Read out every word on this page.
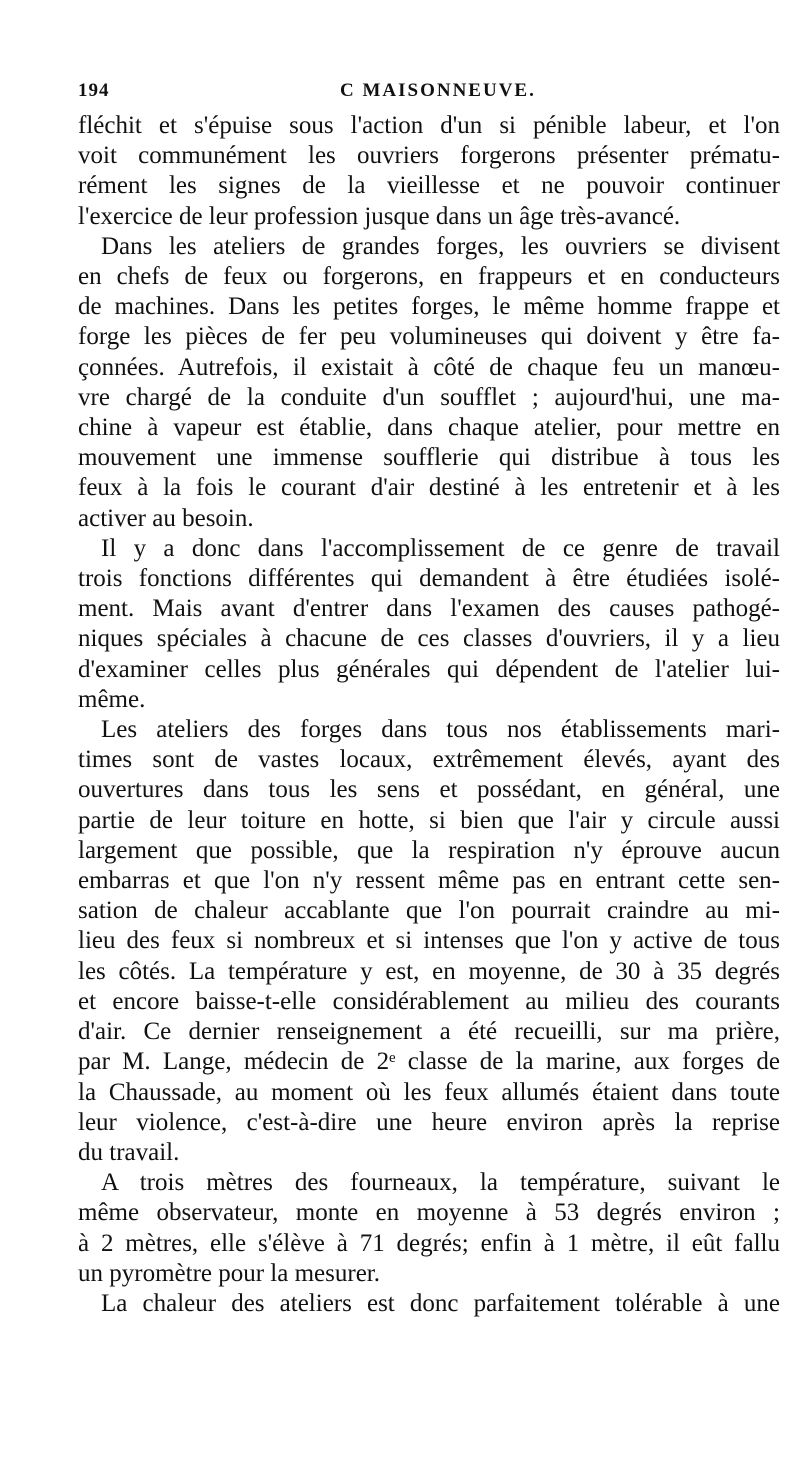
194	C MAISONNEUVE.
fléchit et s'épuise sous l'action d'un si pénible labeur, et l'on
voit communément les ouvriers forgerons présenter prématu-
rément les signes de la vieillesse et ne pouvoir continuer
l'exercice de leur profession jusque dans un âge très-avancé.
Dans les ateliers de grandes forges, les ouvriers se divisent
en chefs de feux ou forgerons, en frappeurs et en conducteurs
de machines. Dans les petites forges, le même homme frappe et
forge les pièces de fer peu volumineuses qui doivent y être fa-
çonnées. Autrefois, il existait à côté de chaque feu un manœu-
vre chargé de la conduite d'un soufflet ; aujourd'hui, une ma-
chine à vapeur est établie, dans chaque atelier, pour mettre en
mouvement une immense soufflerie qui distribue à tous les
feux à la fois le courant d'air destiné à les entretenir et à les
activer au besoin.
Il y a donc dans l'accomplissement de ce genre de travail
trois fonctions différentes qui demandent à être étudiées isolé-
ment. Mais avant d'entrer dans l'examen des causes pathogé-
niques spéciales à chacune de ces classes d'ouvriers, il y a lieu
d'examiner celles plus générales qui dépendent de l'atelier lui-
même.
Les ateliers des forges dans tous nos établissements mari-
times sont de vastes locaux, extrêmement élevés, ayant des
ouvertures dans tous les sens et possédant, en général, une
partie de leur toiture en hotte, si bien que l'air y circule aussi
largement que possible, que la respiration n'y éprouve aucun
embarras et que l'on n'y ressent même pas en entrant cette sen-
sation de chaleur accablante que l'on pourrait craindre au mi-
lieu des feux si nombreux et si intenses que l'on y active de tous
les côtés. La température y est, en moyenne, de 30 à 35 degrés
et encore baisse-t-elle considérablement au milieu des courants
d'air. Ce dernier renseignement a été recueilli, sur ma prière,
par M. Lange, médecin de 2ᵉ classe de la marine, aux forges de
la Chaussade, au moment où les feux allumés étaient dans toute
leur violence, c'est-à-dire une heure environ après la reprise
du travail.
A trois mètres des fourneaux, la température, suivant le
même observateur, monte en moyenne à 53 degrés environ ;
à 2 mètres, elle s'élève à 71 degrés; enfin à 1 mètre, il eût fallu
un pyromètre pour la mesurer.
La chaleur des ateliers est donc parfaitement tolérable à une
